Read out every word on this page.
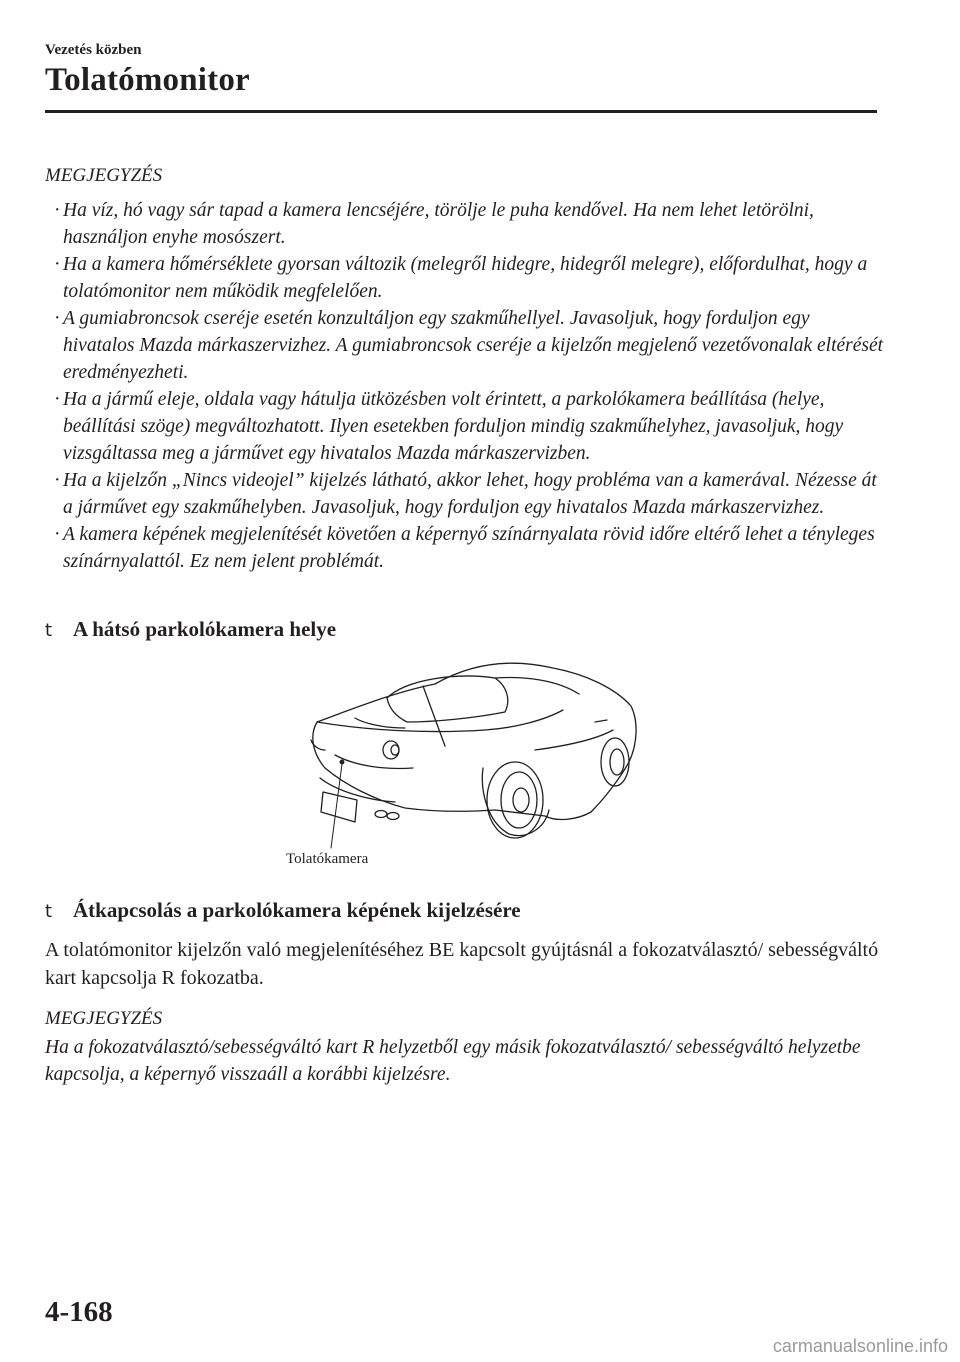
Vezetés közben
Tolatómonitor
MEGJEGYZÉS
· Ha víz, hó vagy sár tapad a kamera lencséjére, törölje le puha kendővel. Ha nem lehet letörölni, használjon enyhe mosószert.
· Ha a kamera hőmérséklete gyorsan változik (melegről hidegre, hidegről melegre), előfordulhat, hogy a tolatómonitor nem működik megfelelően.
· A gumiabroncsok cseréje esetén konzultáljon egy szakműhellyel. Javasoljuk, hogy forduljon egy hivatalos Mazda márkaszervizhez. A gumiabroncsok cseréje a kijelzőn megjelenő vezetővonalak eltérését eredményezheti.
· Ha a jármű eleje, oldala vagy hátulja ütközésben volt érintett, a parkolókamera beállítása (helye, beállítási szöge) megváltozhatott. Ilyen esetekben forduljon mindig szakműhelyhez, javasoljuk, hogy vizsgáltassa meg a járművet egy hivatalos Mazda márkaszervizben.
· Ha a kijelzőn „Nincs videojel” kijelzés látható, akkor lehet, hogy probléma van a kamerával. Nézesse át a járművet egy szakműhelyben. Javasoljuk, hogy forduljon egy hivatalos Mazda márkaszervizhez.
· A kamera képének megjelenítését követően a képernyő színárnyalata rövid időre eltérő lehet a tényleges színárnyalattól. Ez nem jelent problémát.
t A hátsó parkolókamera helye
Tolatókamera
t Átkapcsolás a parkolókamera képének kijelzésére
A tolatómonitor kijelzőn való megjelenítéséhez BE kapcsolt gyújtásnál a fokozatválasztó/ sebességváltó kart kapcsolja R fokozatba.
MEGJEGYZÉS
Ha a fokozatválasztó/sebességváltó kart R helyzetből egy másik fokozatválasztó/ sebességváltó helyzetbe kapcsolja, a képernyő visszaáll a korábbi kijelzésre.
4-168
carmanualsonline.info
